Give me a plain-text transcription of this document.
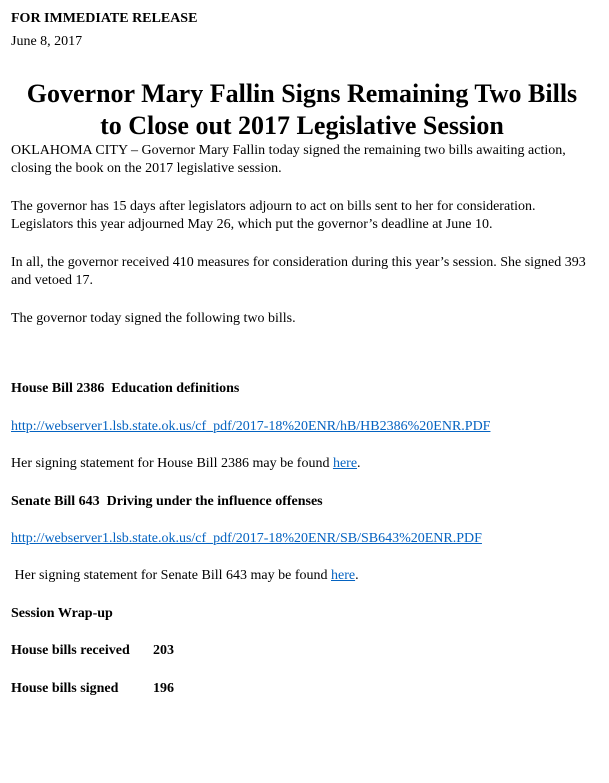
FOR IMMEDIATE RELEASE
June 8, 2017
Governor Mary Fallin Signs Remaining Two Bills to Close out 2017 Legislative Session

OKLAHOMA CITY – Governor Mary Fallin today signed the remaining two bills awaiting action, closing the book on the 2017 legislative session.

The governor has 15 days after legislators adjourn to act on bills sent to her for consideration. Legislators this year adjourned May 26, which put the governor’s deadline at June 10.

In all, the governor received 410 measures for consideration during this year’s session. She signed 393 and vetoed 17.

The governor today signed the following two bills.

House Bill 2386  Education definitions

http://webserver1.lsb.state.ok.us/cf_pdf/2017-18%20ENR/hB/HB2386%20ENR.PDF

Her signing statement for House Bill 2386 may be found here.

Senate Bill 643  Driving under the influence offenses

http://webserver1.lsb.state.ok.us/cf_pdf/2017-18%20ENR/SB/SB643%20ENR.PDF

Her signing statement for Senate Bill 643 may be found here.

Session Wrap-up

House bills received 203

House bills signed 196
